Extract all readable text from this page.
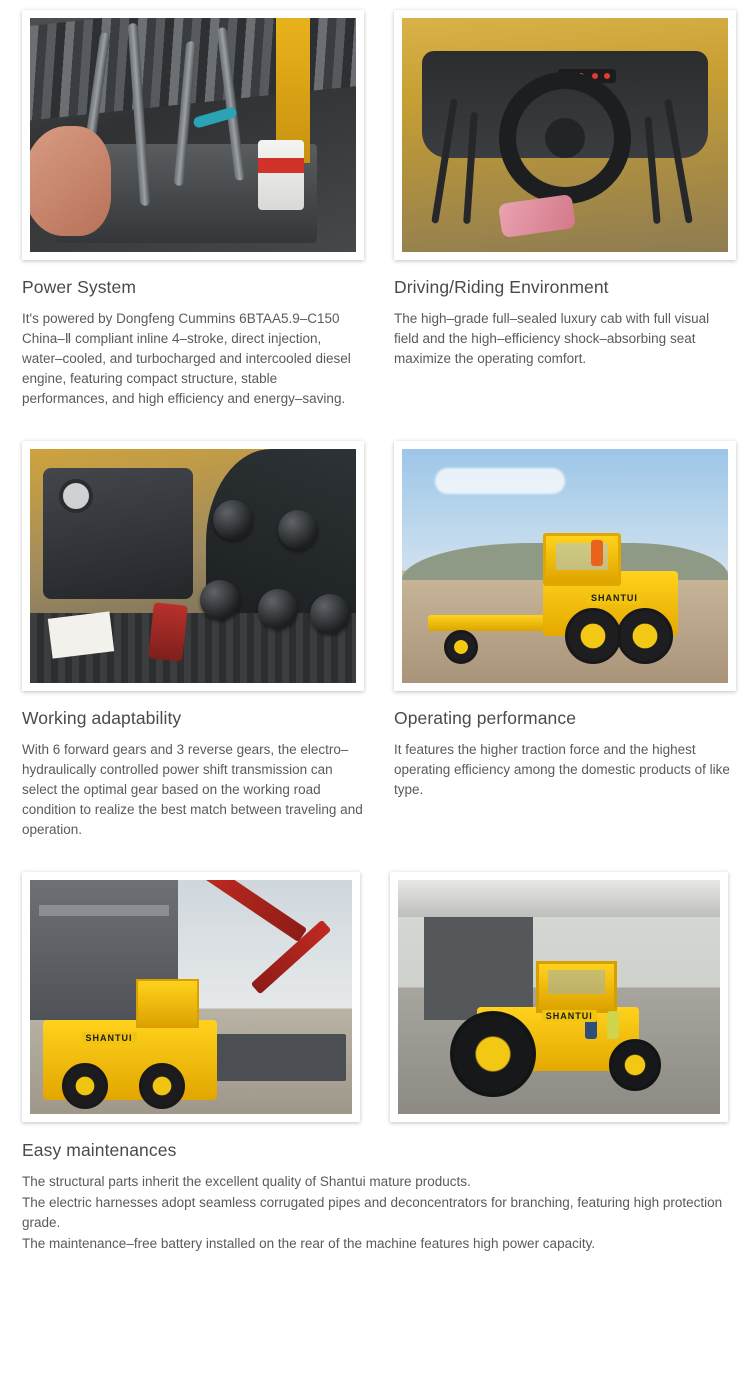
Power System

It's powered by Dongfeng Cummins 6BTAA5.9–C150 China–Ⅱ compliant inline 4–stroke, direct injection, water–cooled, and turbocharged and intercooled diesel engine, featuring compact structure, stable performances, and high efficiency and energy–saving.

Driving/Riding Environment

The high–grade full–sealed luxury cab with full visual field and the high–efficiency shock–absorbing seat maximize the operating comfort.

Working adaptability

With 6 forward gears and 3 reverse gears, the electro–hydraulically controlled power shift transmission can select the optimal gear based on the working road condition to realize the best match between traveling and operation.

SHANTUI
Operating performance

It features the higher traction force and the highest operating efficiency among the domestic products of like type.

SHANTUI
SHANTUI
Easy maintenances

The structural parts inherit the excellent quality of Shantui mature products.

The electric harnesses adopt seamless corrugated pipes and deconcentrators for branching, featuring high protection grade.

The maintenance–free battery installed on the rear of the machine features high power capacity.
